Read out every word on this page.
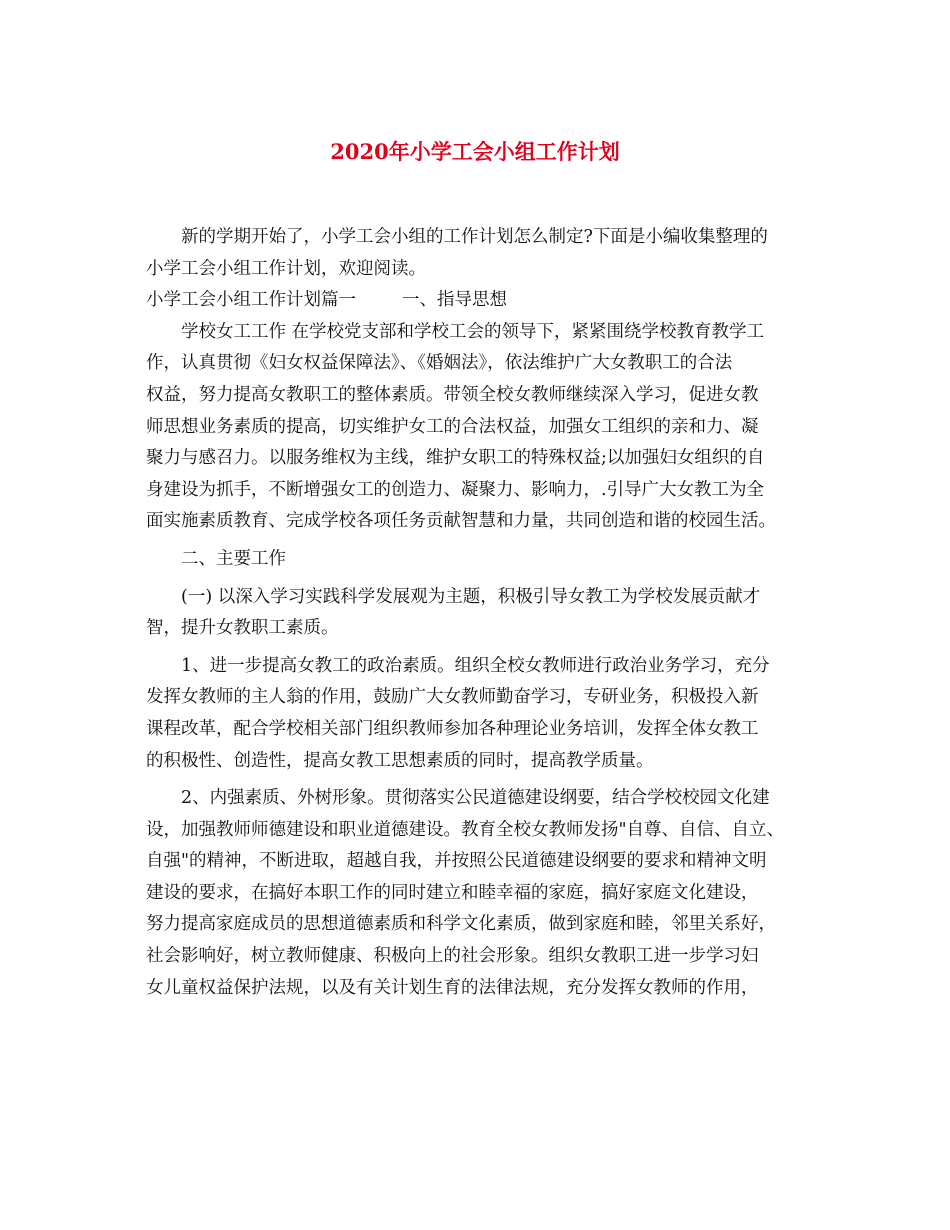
2020年小学工会小组工作计划
新的学期开始了，小学工会小组的工作计划怎么制定?下面是小编收集整理的
小学工会小组工作计划，欢迎阅读。
小学工会小组工作计划篇一	一、指导思想
学校女工工作 在学校党支部和学校工会的领导下，紧紧围绕学校教育教学工
作，认真贯彻《妇女权益保障法》、《婚姻法》，依法维护广大女教职工的合法
权益，努力提高女教职工的整体素质。带领全校女教师继续深入学习，促进女教
师思想业务素质的提高，切实维护女工的合法权益，加强女工组织的亲和力、凝
聚力与感召力。以服务维权为主线，维护女职工的特殊权益;以加强妇女组织的自
身建设为抓手，不断增强女工的创造力、凝聚力、影响力，.引导广大女教工为全
面实施素质教育、完成学校各项任务贡献智慧和力量，共同创造和谐的校园生活。
二、主要工作
(一) 以深入学习实践科学发展观为主题，积极引导女教工为学校发展贡献才
智，提升女教职工素质。
1、进一步提高女教工的政治素质。组织全校女教师进行政治业务学习，充分
发挥女教师的主人翁的作用，鼓励广大女教师勤奋学习，专研业务，积极投入新
课程改革，配合学校相关部门组织教师参加各种理论业务培训，发挥全体女教工
的积极性、创造性，提高女教工思想素质的同时，提高教学质量。
2、内强素质、外树形象。贯彻落实公民道德建设纲要，结合学校校园文化建
设，加强教师师德建设和职业道德建设。教育全校女教师发扬"自尊、自信、自立、
自强"的精神，不断进取，超越自我，并按照公民道德建设纲要的要求和精神文明
建设的要求，在搞好本职工作的同时建立和睦幸福的家庭，搞好家庭文化建设，
努力提高家庭成员的思想道德素质和科学文化素质，做到家庭和睦，邻里关系好，
社会影响好，树立教师健康、积极向上的社会形象。组织女教职工进一步学习妇
女儿童权益保护法规，以及有关计划生育的法律法规，充分发挥女教师的作用，
